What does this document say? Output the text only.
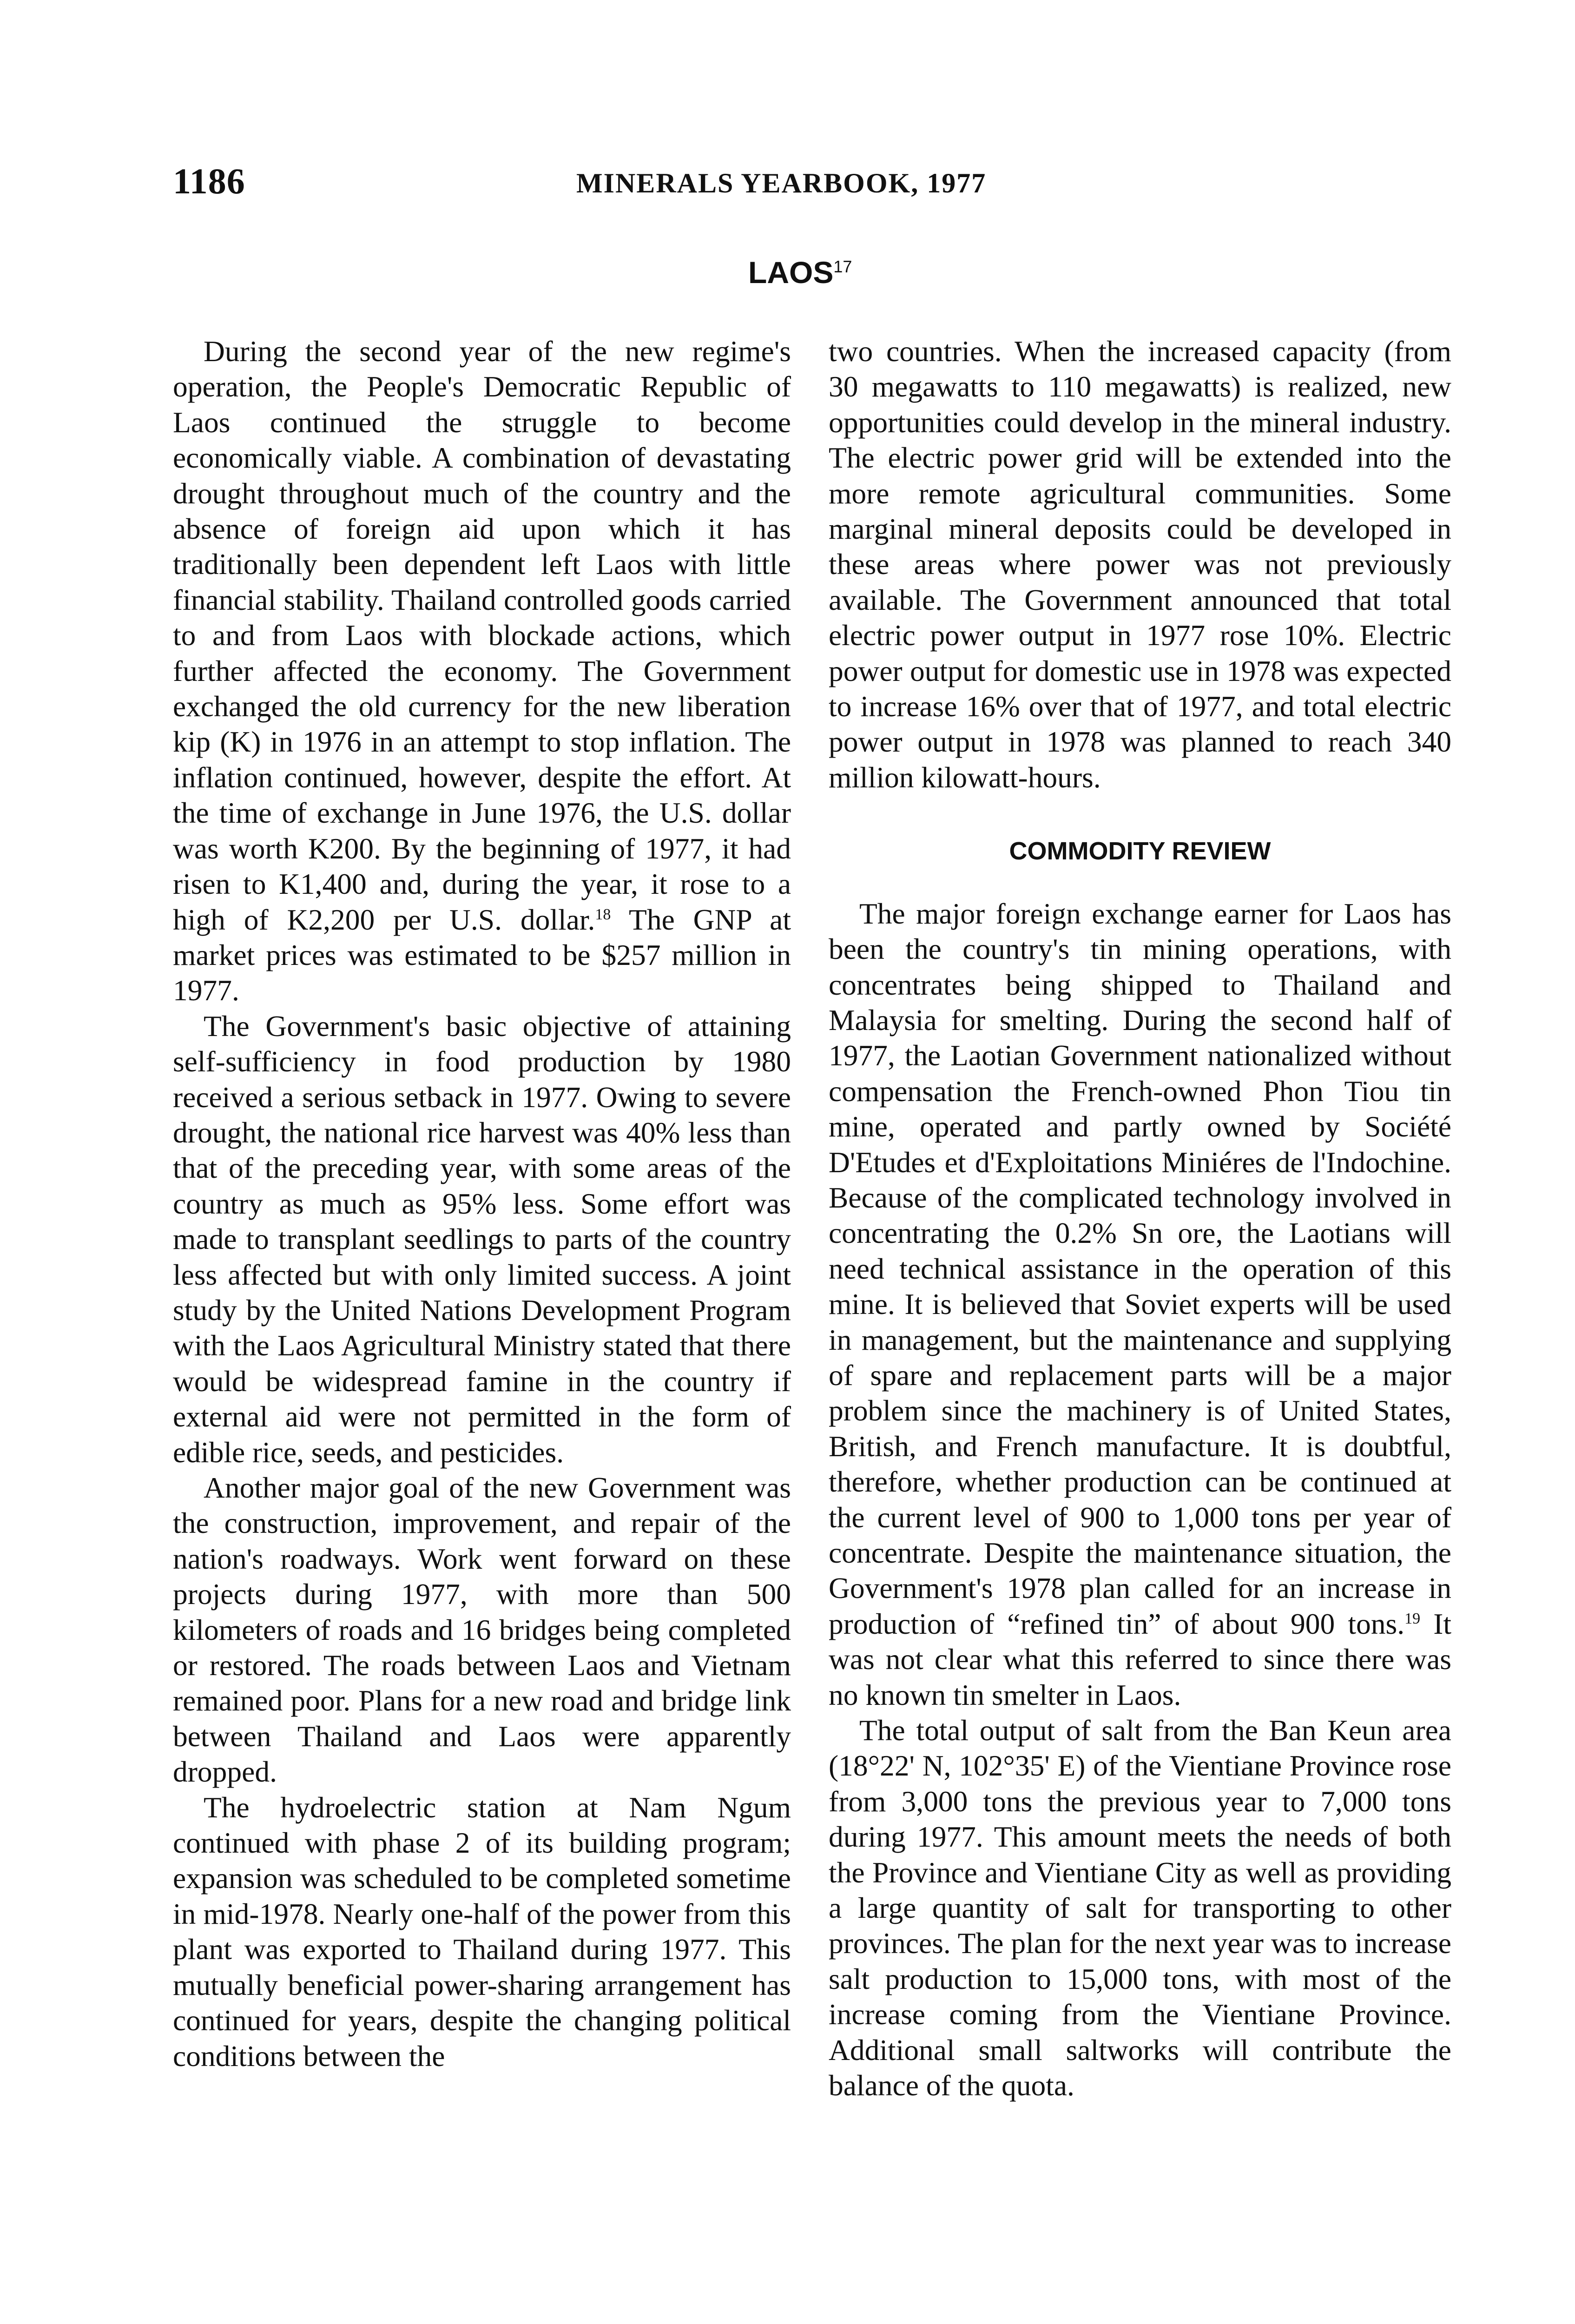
1186	MINERALS YEARBOOK, 1977
LAOS$^{17}$

During the second year of the new regime's operation, the People's Democratic Republic of Laos continued the struggle to become economically viable. A combination of devastating drought throughout much of the country and the absence of foreign aid upon which it has traditionally been dependent left Laos with little financial stability. Thailand controlled goods carried to and from Laos with blockade actions, which further affected the economy. The Government exchanged the old currency for the new liberation kip (K) in 1976 in an attempt to stop inflation. The inflation continued, however, despite the effort. At the time of exchange in June 1976, the U.S. dollar was worth K200. By the beginning of 1977, it had risen to K1,400 and, during the year, it rose to a high of K2,200 per U.S. dollar.$^{18}$ The GNP at market prices was estimated to be $257 million in 1977.

The Government's basic objective of attaining self-sufficiency in food production by 1980 received a serious setback in 1977. Owing to severe drought, the national rice harvest was 40% less than that of the preceding year, with some areas of the country as much as 95% less. Some effort was made to transplant seedlings to parts of the country less affected but with only limited success. A joint study by the United Nations Development Program with the Laos Agricultural Ministry stated that there would be widespread famine in the country if external aid were not permitted in the form of edible rice, seeds, and pesticides.

Another major goal of the new Government was the construction, improvement, and repair of the nation's roadways. Work went forward on these projects during 1977, with more than 500 kilometers of roads and 16 bridges being completed or restored. The roads between Laos and Vietnam remained poor. Plans for a new road and bridge link between Thailand and Laos were apparently dropped.

The hydroelectric station at Nam Ngum continued with phase 2 of its building program; expansion was scheduled to be completed sometime in mid-1978. Nearly one-half of the power from this plant was exported to Thailand during 1977. This mutually beneficial power-sharing arrangement has continued for years, despite the changing political conditions between the

two countries. When the increased capacity (from 30 megawatts to 110 megawatts) is realized, new opportunities could develop in the mineral industry. The electric power grid will be extended into the more remote agricultural communities. Some marginal mineral deposits could be developed in these areas where power was not previously available. The Government announced that total electric power output in 1977 rose 10%. Electric power output for domestic use in 1978 was expected to increase 16% over that of 1977, and total electric power output in 1978 was planned to reach 340 million kilowatt-hours.

COMMODITY REVIEW

The major foreign exchange earner for Laos has been the country's tin mining operations, with concentrates being shipped to Thailand and Malaysia for smelting. During the second half of 1977, the Laotian Government nationalized without compensation the French-owned Phon Tiou tin mine, operated and partly owned by Société D'Etudes et d'Exploitations Miniéres de l'Indochine. Because of the complicated technology involved in concentrating the 0.2% Sn ore, the Laotians will need technical assistance in the operation of this mine. It is believed that Soviet experts will be used in management, but the maintenance and supplying of spare and replacement parts will be a major problem since the machinery is of United States, British, and French manufacture. It is doubtful, therefore, whether production can be continued at the current level of 900 to 1,000 tons per year of concentrate. Despite the maintenance situation, the Government's 1978 plan called for an increase in production of “refined tin” of about 900 tons.$^{19}$ It was not clear what this referred to since there was no known tin smelter in Laos.

The total output of salt from the Ban Keun area (18°22' N, 102°35' E) of the Vientiane Province rose from 3,000 tons the previous year to 7,000 tons during 1977. This amount meets the needs of both the Province and Vientiane City as well as providing a large quantity of salt for transporting to other provinces. The plan for the next year was to increase salt production to 15,000 tons, with most of the increase coming from the Vientiane Province. Additional small saltworks will contribute the balance of the quota.
